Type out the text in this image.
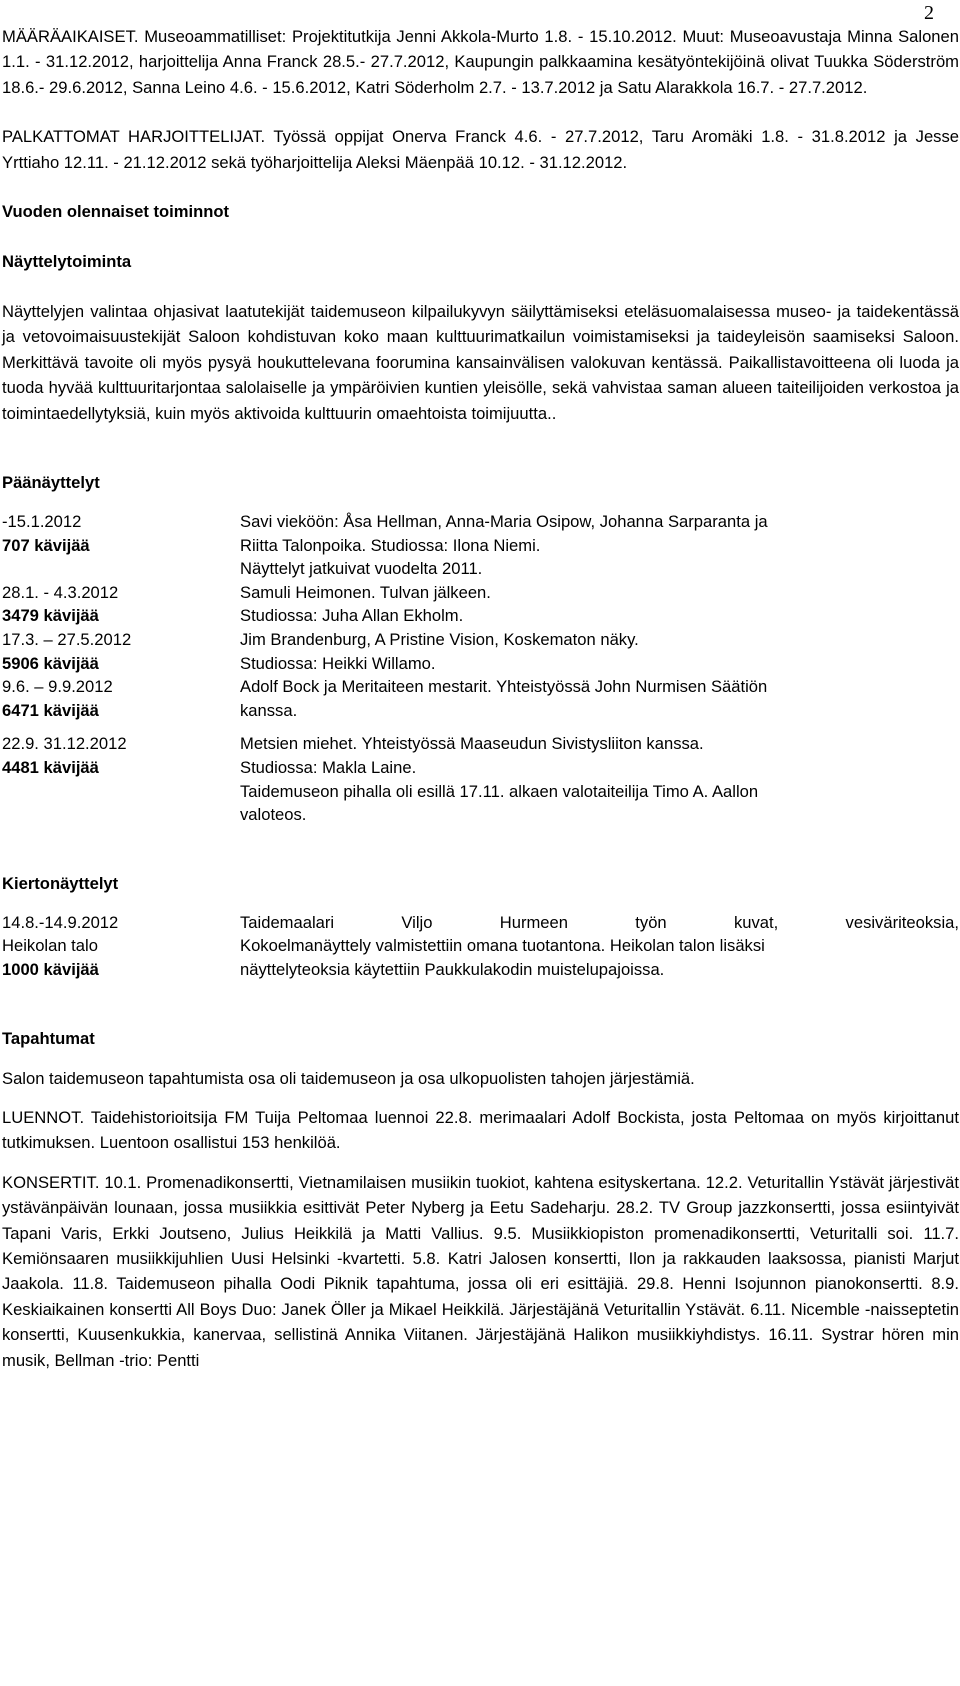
2

MÄÄRÄAIKAISET. Museoammatilliset: Projektitutkija Jenni Akkola-Murto 1.8. - 15.10.2012. Muut: Museoavustaja Minna Salonen 1.1. - 31.12.2012, harjoittelija Anna Franck 28.5.- 27.7.2012, Kaupungin palkkaamina kesätyöntekijöinä olivat Tuukka Söderström 18.6.- 29.6.2012, Sanna Leino 4.6. - 15.6.2012, Katri Söderholm 2.7. - 13.7.2012 ja Satu Alarakkola 16.7. - 27.7.2012.

PALKATTOMAT HARJOITTELIJAT. Työssä oppijat Onerva Franck 4.6. - 27.7.2012, Taru Aromäki 1.8. - 31.8.2012 ja Jesse Yrttiaho 12.11. - 21.12.2012 sekä työharjoittelija Aleksi Mäenpää 10.12. - 31.12.2012.

Vuoden olennaiset toiminnot

Näyttelytoiminta

Näyttelyjen valintaa ohjasivat laatutekijät taidemuseon kilpailukyvyn säilyttämiseksi eteläsuomalaisessa museo- ja taidekentässä ja vetovoimaisuustekijät Saloon kohdistuvan koko maan kulttuurimatkailun voimistamiseksi ja taideyleisön saamiseksi Saloon. Merkittävä tavoite oli myös pysyä houkuttelevana foorumina kansainvälisen valokuvan kentässä. Paikallistavoitteena oli luoda ja tuoda hyvää kulttuuritarjontaa salolaiselle ja ympäröivien kuntien yleisölle, sekä vahvistaa saman alueen taiteilijoiden verkostoa ja toimintaedellytyksiä, kuin myös aktivoida kulttuurin omaehtoista toimijuutta..

Päänäyttelyt

-15.1.2012
707 kävijää
Savi vieköön: Åsa Hellman, Anna-Maria Osipow, Johanna Sarparanta ja
Riitta Talonpoika. Studiossa: Ilona Niemi.
Näyttelyt jatkuivat vuodelta 2011.
28.1. - 4.3.2012
3479 kävijää
Samuli Heimonen. Tulvan jälkeen.
Studiossa: Juha Allan Ekholm.
17.3. – 27.5.2012
5906 kävijää
Jim Brandenburg, A Pristine Vision, Koskematon näky.
Studiossa: Heikki Willamo.
9.6. – 9.9.2012
6471 kävijää
Adolf Bock ja Meritaiteen mestarit. Yhteistyössä John Nurmisen Säätiön
kanssa.
22.9. 31.12.2012
4481 kävijää
Metsien miehet. Yhteistyössä Maaseudun Sivistysliiton kanssa.
Studiossa: Makla Laine.
Taidemuseon pihalla oli esillä 17.11. alkaen valotaiteilija Timo A. Aallon
valoteos.

Kiertonäyttelyt

14.8.-14.9.2012
Heikolan talo
1000 kävijää
Taidemaalari Viljo Hurmeen työn kuvat, vesiväriteoksia,
Kokoelmanäyttely valmistettiin omana tuotantona. Heikolan talon lisäksi
näyttelyteoksia käytettiin Paukkulakodin muistelupajoissa.

Tapahtumat

Salon taidemuseon tapahtumista osa oli taidemuseon ja osa ulkopuolisten tahojen järjestämiä.

LUENNOT. Taidehistorioitsija FM Tuija Peltomaa luennoi 22.8. merimaalari Adolf Bockista, josta Peltomaa on myös kirjoittanut tutkimuksen. Luentoon osallistui 153 henkilöä.

KONSERTIT. 10.1. Promenadikonsertti, Vietnamilaisen musiikin tuokiot, kahtena esityskertana. 12.2. Veturitallin Ystävät järjestivät ystävänpäivän lounaan, jossa musiikkia esittivät Peter Nyberg ja Eetu Sadeharju. 28.2. TV Group jazzkonsertti, jossa esiintyivät Tapani Varis, Erkki Joutseno, Julius Heikkilä ja Matti Vallius. 9.5. Musiikkiopiston promenadikonsertti, Veturitalli soi. 11.7. Kemiönsaaren musiikkijuhlien Uusi Helsinki -kvartetti. 5.8. Katri Jalosen konsertti, Ilon ja rakkauden laaksossa, pianisti Marjut Jaakola. 11.8. Taidemuseon pihalla Oodi Piknik tapahtuma, jossa oli eri esittäjiä. 29.8. Henni Isojunnon pianokonsertti. 8.9. Keskiaikainen konsertti All Boys Duo: Janek Öller ja Mikael Heikkilä. Järjestäjänä Veturitallin Ystävät. 6.11. Nicemble -naisseptetin konsertti, Kuusenkukkia, kanervaa, sellistinä Annika Viitanen. Järjestäjänä Halikon musiikkiyhdistys. 16.11. Systrar hören min musik, Bellman -trio: Pentti
